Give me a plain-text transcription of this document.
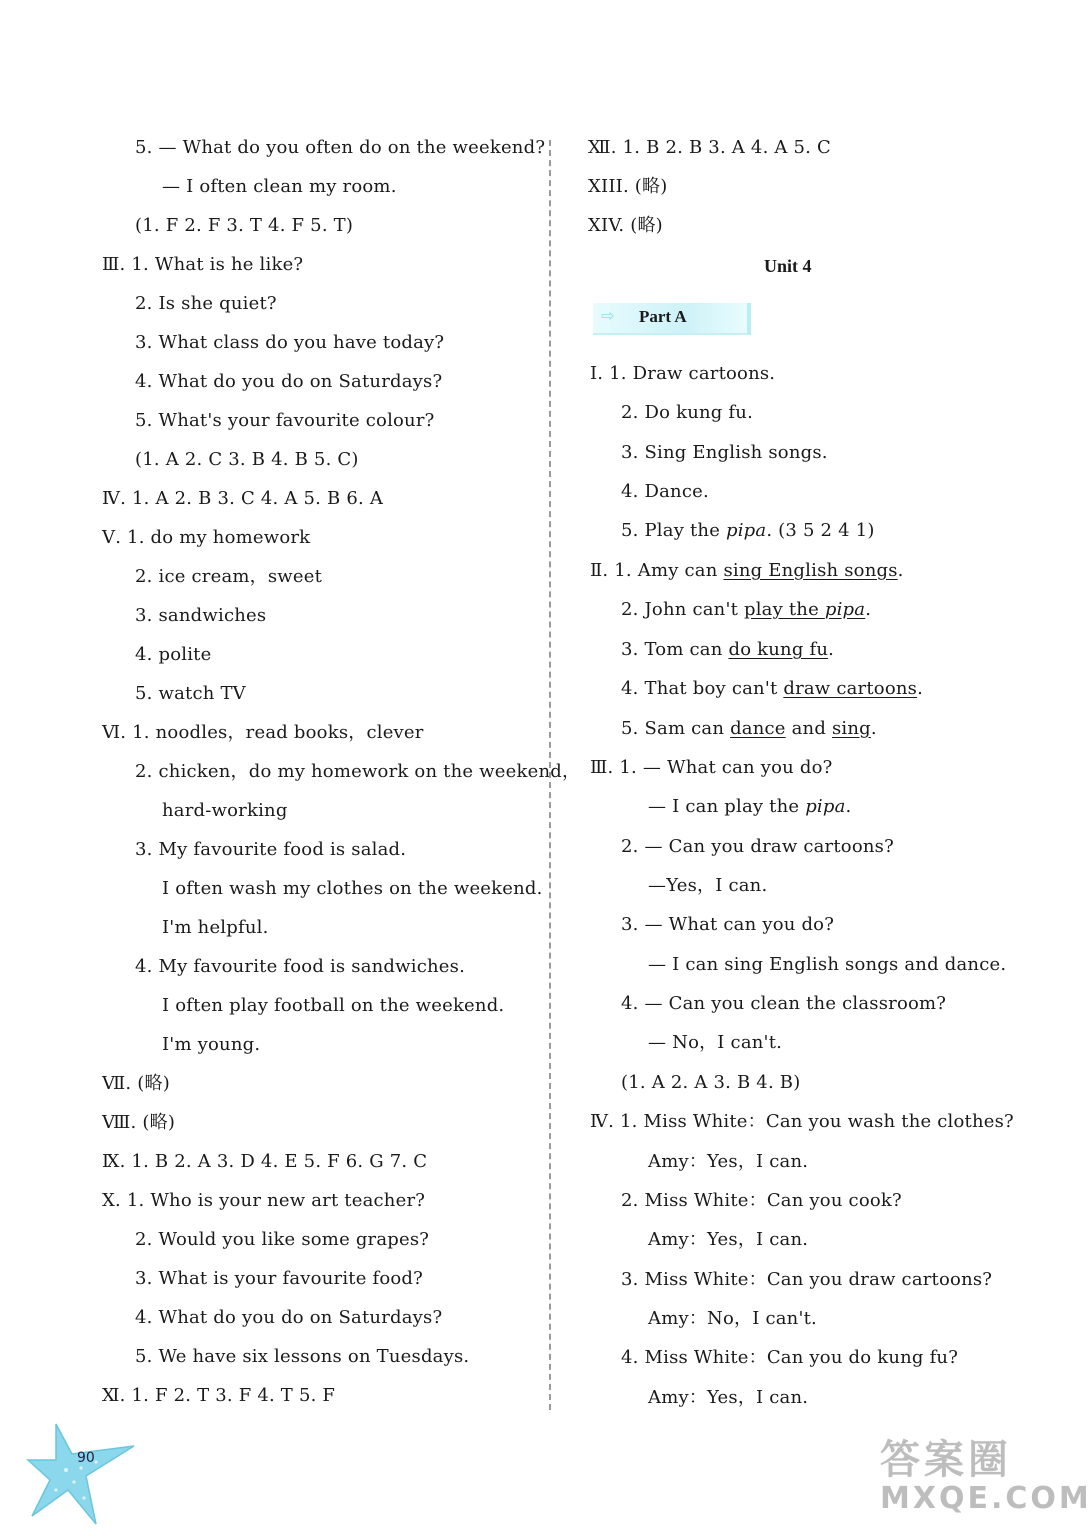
5. — What do you often do on the weekend?
— I often clean my room.
(1. F 2. F 3. T 4. F 5. T)
Ⅲ. 1. What is he like?
2. Is she quiet?
3. What class do you have today?
4. What do you do on Saturdays?
5. What's your favourite colour?
(1. A 2. C 3. B 4. B 5. C)
Ⅳ. 1. A 2. B 3. C 4. A 5. B 6. A
Ⅴ. 1. do my homework
2. ice cream，sweet
3. sandwiches
4. polite
5. watch TV
Ⅵ. 1. noodles，read books，clever
2. chicken，do my homework on the weekend，
hard-working
3. My favourite food is salad.
I often wash my clothes on the weekend.
I'm helpful.
4. My favourite food is sandwiches.
I often play football on the weekend.
I'm young.
Ⅶ. (略)
Ⅷ. (略)
Ⅸ. 1. B 2. A 3. D 4. E 5. F 6. G 7. C
Ⅹ. 1. Who is your new art teacher?
2. Would you like some grapes?
3. What is your favourite food?
4. What do you do on Saturdays?
5. We have six lessons on Tuesdays.
Ⅺ. 1. F 2. T 3. F 4. T 5. F
Ⅻ. 1. B 2. B 3. A 4. A 5. C
XIII. (略)
XIV. (略)
Unit 4
⇨ Part A
Ⅰ. 1. Draw cartoons.
2. Do kung fu.
3. Sing English songs.
4. Dance.
5. Play the pipa. (3 5 2 4 1)
Ⅱ. 1. Amy can sing English songs.
2. John can't play the pipa.
3. Tom can do kung fu.
4. That boy can't draw cartoons.
5. Sam can dance and sing.
Ⅲ. 1. — What can you do?
— I can play the pipa.
2. — Can you draw cartoons?
—Yes，I can.
3. — What can you do?
— I can sing English songs and dance.
4. — Can you clean the classroom?
— No，I can't.
(1. A 2. A 3. B 4. B)
Ⅳ. 1. Miss White：Can you wash the clothes?
Amy：Yes，I can.
2. Miss White：Can you cook?
Amy：Yes，I can.
3. Miss White：Can you draw cartoons?
Amy：No，I can't.
4. Miss White：Can you do kung fu?
Amy：Yes，I can.
90	答案圈
MXQE.COM
